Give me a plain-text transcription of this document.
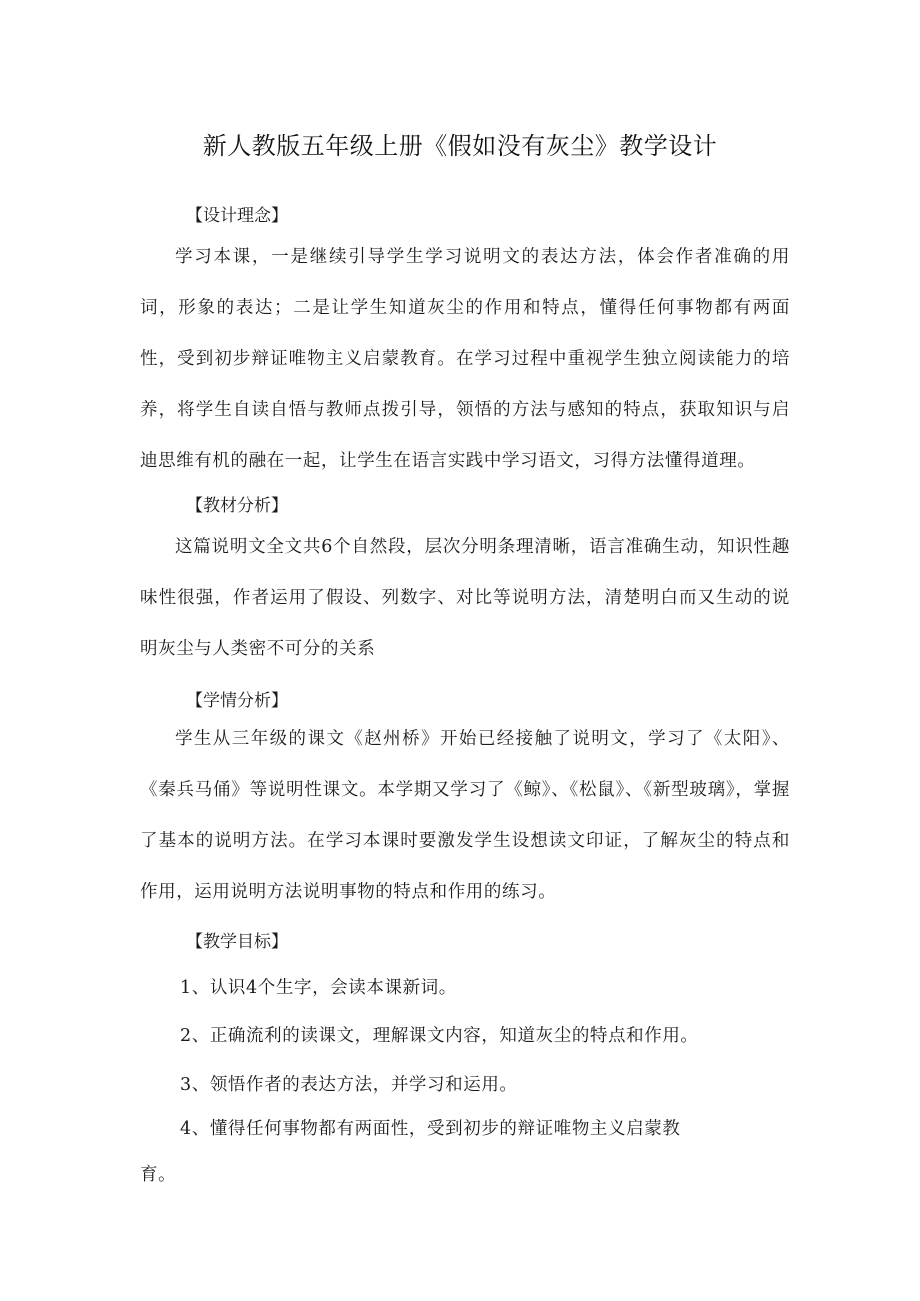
新人教版五年级上册《假如没有灰尘》教学设计
【设计理念】

学习本课，一是继续引导学生学习说明文的表达方法，体会作者准确的用词，形象的表达；二是让学生知道灰尘的作用和特点，懂得任何事物都有两面性，受到初步辩证唯物主义启蒙教育。在学习过程中重视学生独立阅读能力的培养，将学生自读自悟与教师点拨引导，领悟的方法与感知的特点，获取知识与启迪思维有机的融在一起，让学生在语言实践中学习语文，习得方法懂得道理。

【教材分析】

这篇说明文全文共6个自然段，层次分明条理清晰，语言准确生动，知识性趣味性很强，作者运用了假设、列数字、对比等说明方法，清楚明白而又生动的说明灰尘与人类密不可分的关系

【学情分析】

学生从三年级的课文《赵州桥》开始已经接触了说明文，学习了《太阳》、《秦兵马俑》等说明性课文。本学期又学习了《鲸》、《松鼠》、《新型玻璃》，掌握了基本的说明方法。在学习本课时要激发学生设想读文印证，了解灰尘的特点和作用，运用说明方法说明事物的特点和作用的练习。

【教学目标】

1、认识4个生字，会读本课新词。

2、正确流利的读课文，理解课文内容，知道灰尘的特点和作用。

3、领悟作者的表达方法，并学习和运用。

4、懂得任何事物都有两面性，受到初步的辩证唯物主义启蒙教育。
